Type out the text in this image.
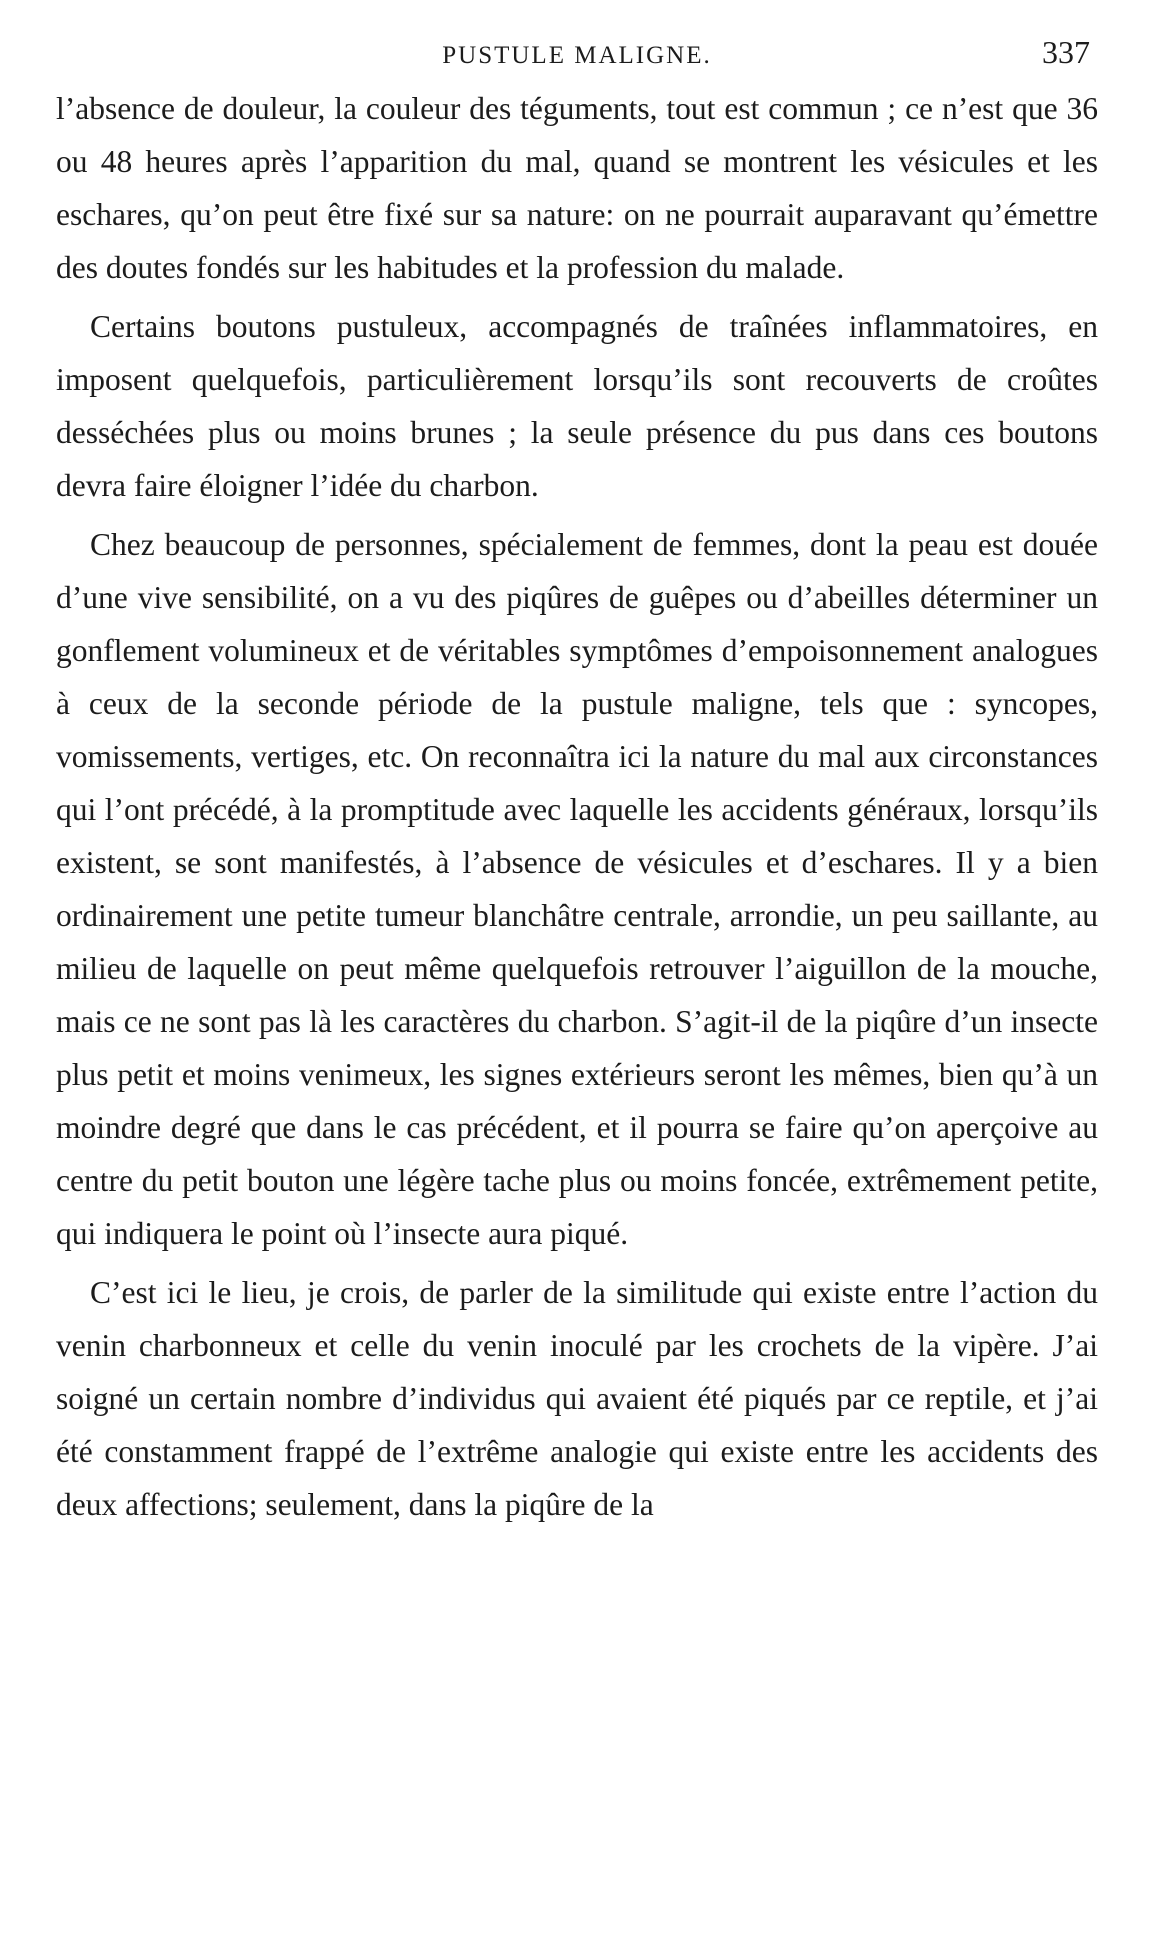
PUSTULE MALIGNE.	337

l’absence de douleur, la couleur des téguments, tout est commun ; ce n’est que 36 ou 48 heures après l’apparition du mal, quand se montrent les vésicules et les eschares, qu’on peut être fixé sur sa nature: on ne pourrait auparavant qu’émettre des doutes fondés sur les habitudes et la profession du malade.

Certains boutons pustuleux, accompagnés de traînées inflammatoires, en imposent quelquefois, particulièrement lorsqu’ils sont recouverts de croûtes desséchées plus ou moins brunes ; la seule présence du pus dans ces boutons devra faire éloigner l’idée du charbon.

Chez beaucoup de personnes, spécialement de femmes, dont la peau est douée d’une vive sensibilité, on a vu des piqûres de guêpes ou d’abeilles déterminer un gonflement volumineux et de véritables symptômes d’empoisonnement analogues à ceux de la seconde période de la pustule maligne, tels que : syncopes, vomissements, vertiges, etc. On reconnaîtra ici la nature du mal aux circonstances qui l’ont précédé, à la promptitude avec laquelle les accidents généraux, lorsqu’ils existent, se sont manifestés, à l’absence de vésicules et d’eschares. Il y a bien ordinairement une petite tumeur blanchâtre centrale, arrondie, un peu saillante, au milieu de laquelle on peut même quelquefois retrouver l’aiguillon de la mouche, mais ce ne sont pas là les caractères du charbon. S’agit-il de la piqûre d’un insecte plus petit et moins venimeux, les signes extérieurs seront les mêmes, bien qu’à un moindre degré que dans le cas précédent, et il pourra se faire qu’on aperçoive au centre du petit bouton une légère tache plus ou moins foncée, extrêmement petite, qui indiquera le point où l’insecte aura piqué.

C’est ici le lieu, je crois, de parler de la similitude qui existe entre l’action du venin charbonneux et celle du venin inoculé par les crochets de la vipère. J’ai soigné un certain nombre d’individus qui avaient été piqués par ce reptile, et j’ai été constamment frappé de l’extrême analogie qui existe entre les accidents des deux affections; seulement, dans la piqûre de la
